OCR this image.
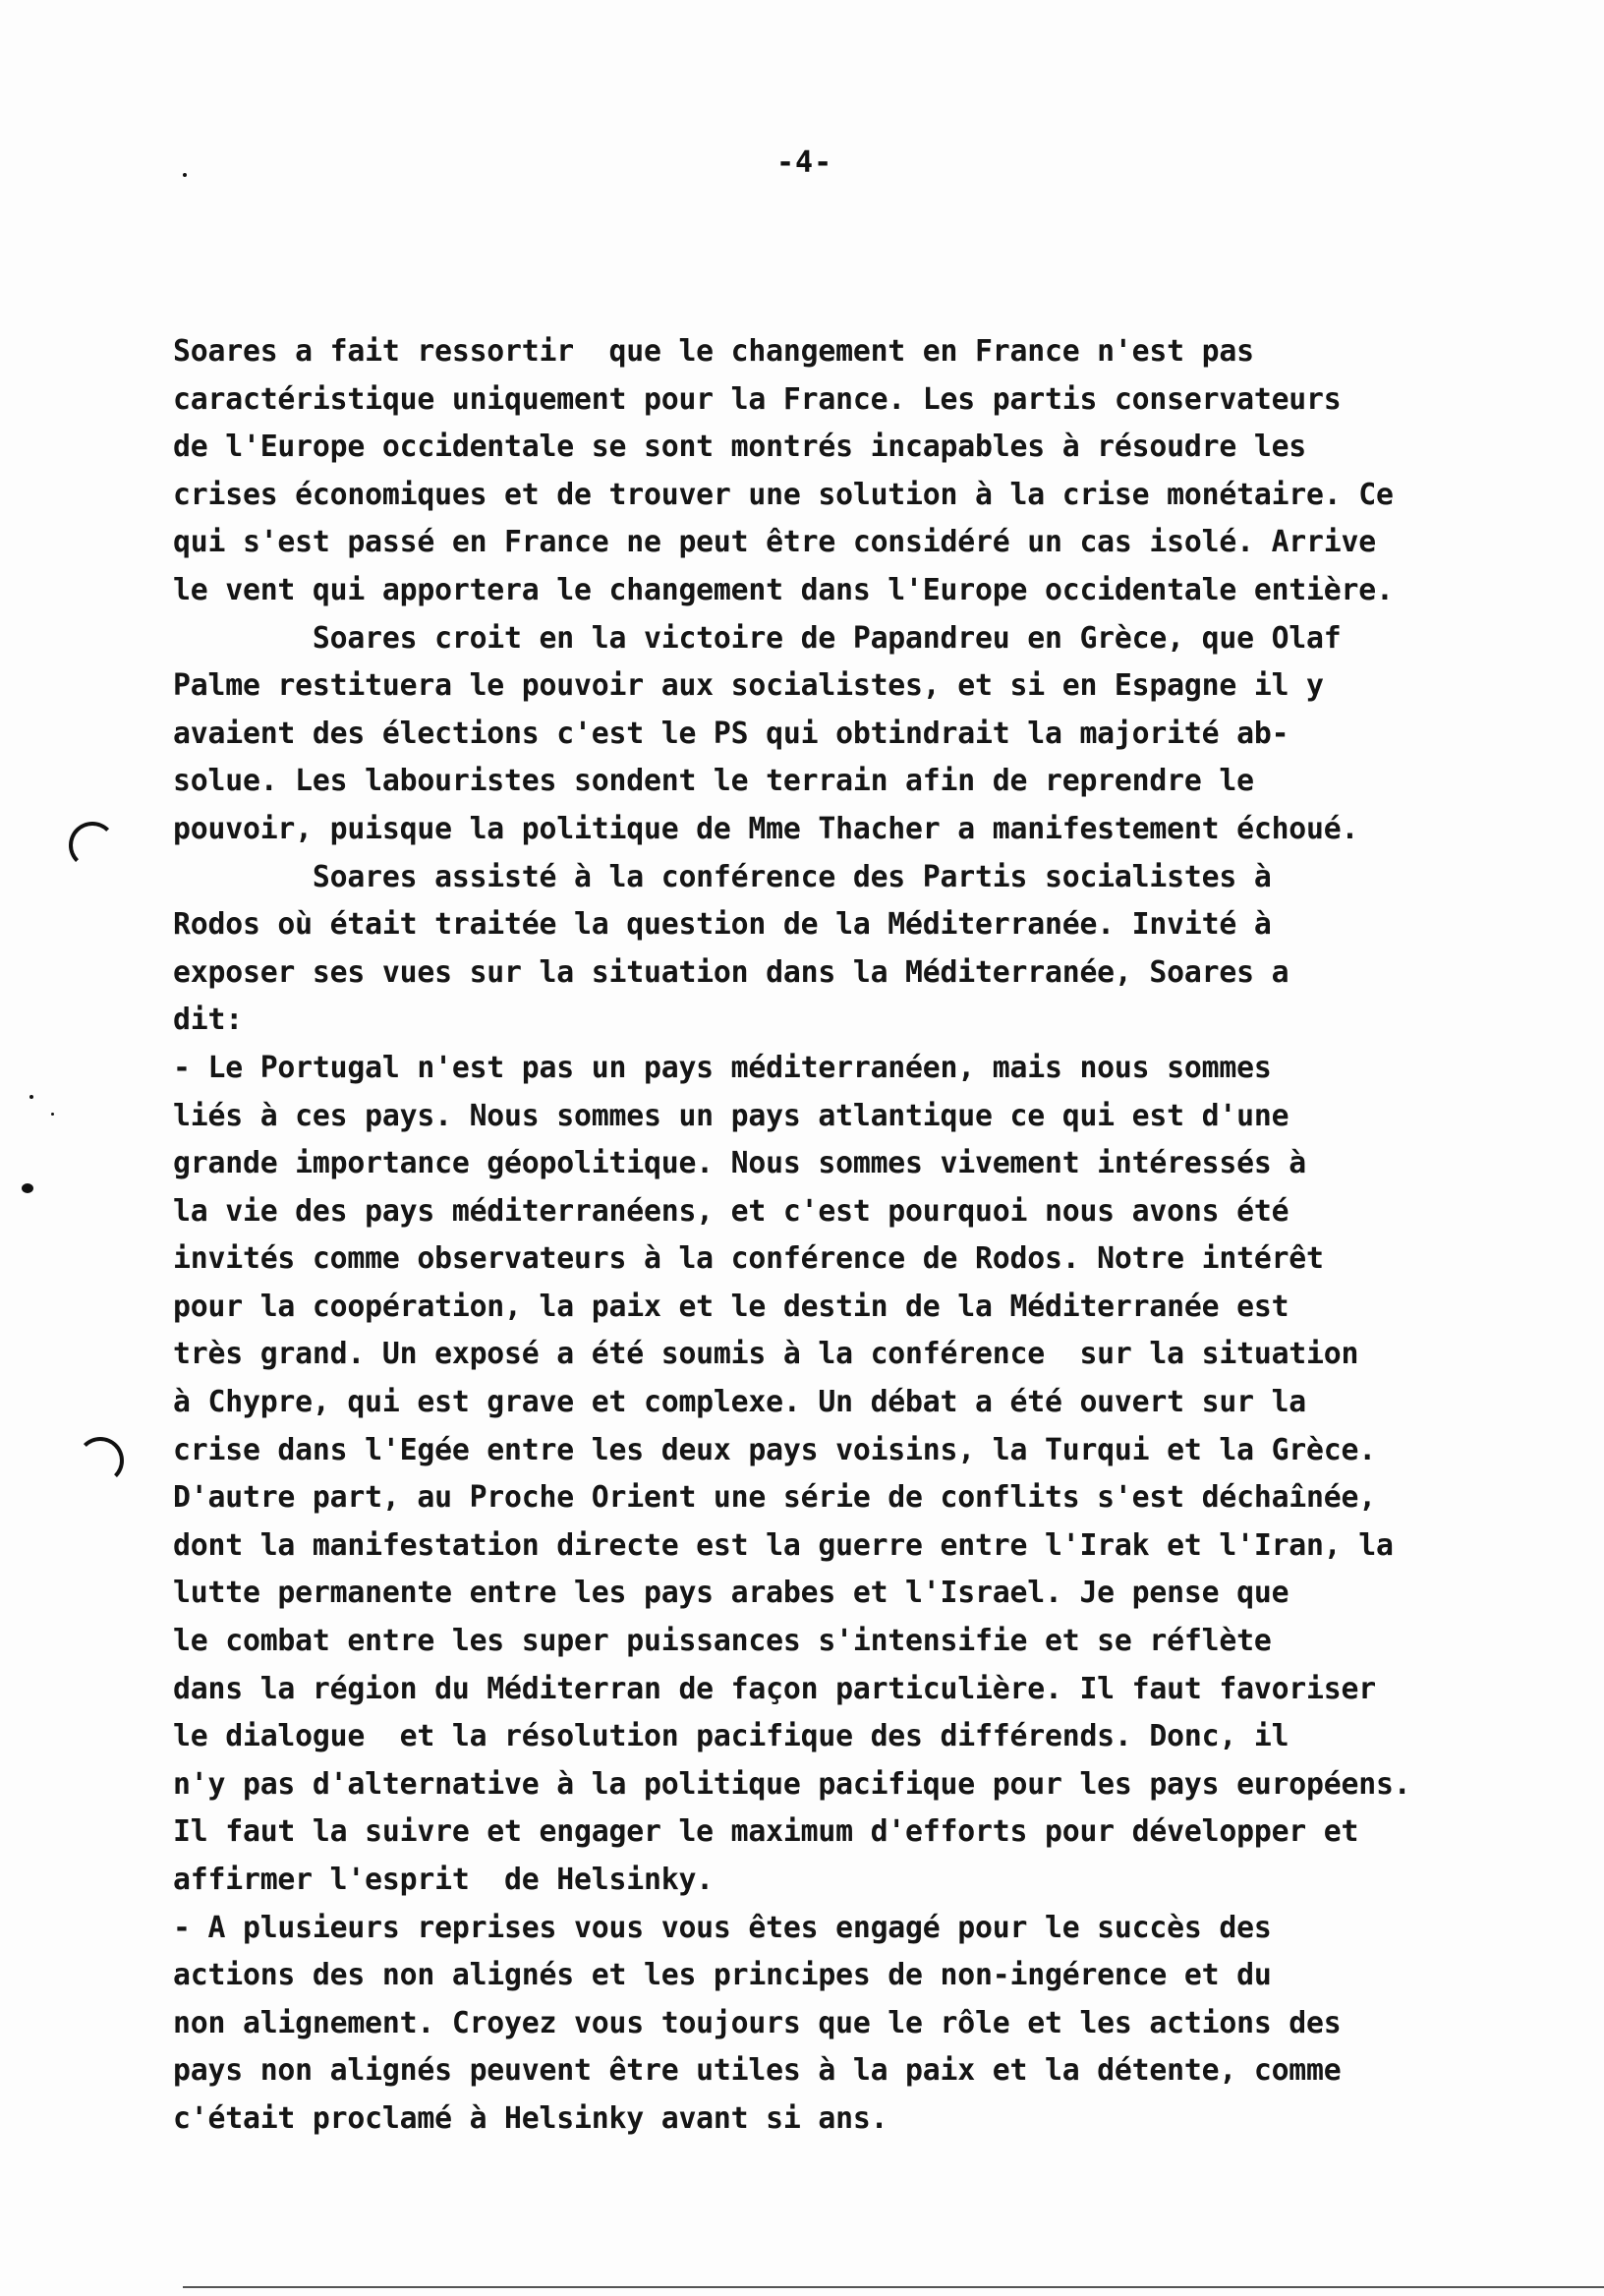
-4-
Soares a fait ressortir  que le changement en France n'est pas
caractéristique uniquement pour la France. Les partis conservateurs
de l'Europe occidentale se sont montrés incapables à résoudre les
crises économiques et de trouver une solution à la crise monétaire. Ce
qui s'est passé en France ne peut être considéré un cas isolé. Arrive
le vent qui apportera le changement dans l'Europe occidentale entière.
Soares croit en la victoire de Papandreu en Grèce, que Olaf
Palme restituera le pouvoir aux socialistes, et si en Espagne il y
avaient des élections c'est le PS qui obtindrait la majorité ab-
solue. Les labouristes sondent le terrain afin de reprendre le
pouvoir, puisque la politique de Mme Thacher a manifestement échoué.
Soares assisté à la conférence des Partis socialistes à
Rodos où était traitée la question de la Méditerranée. Invité à
exposer ses vues sur la situation dans la Méditerranée, Soares a
dit:
- Le Portugal n'est pas un pays méditerranéen, mais nous sommes
liés à ces pays. Nous sommes un pays atlantique ce qui est d'une
grande importance géopolitique. Nous sommes vivement intéressés à
la vie des pays méditerranéens, et c'est pourquoi nous avons été
invités comme observateurs à la conférence de Rodos. Notre intérêt
pour la coopération, la paix et le destin de la Méditerranée est
très grand. Un exposé a été soumis à la conférence  sur la situation
à Chypre, qui est grave et complexe. Un débat a été ouvert sur la
crise dans l'Egée entre les deux pays voisins, la Turqui et la Grèce.
D'autre part, au Proche Orient une série de conflits s'est déchaînée,
dont la manifestation directe est la guerre entre l'Irak et l'Iran, la
lutte permanente entre les pays arabes et l'Israel. Je pense que
le combat entre les super puissances s'intensifie et se réflète
dans la région du Méditerran de façon particulière. Il faut favoriser
le dialogue  et la résolution pacifique des différends. Donc, il
n'y pas d'alternative à la politique pacifique pour les pays européens.
Il faut la suivre et engager le maximum d'efforts pour développer et
affirmer l'esprit  de Helsinky.
- A plusieurs reprises vous vous êtes engagé pour le succès des
actions des non alignés et les principes de non-ingérence et du
non alignement. Croyez vous toujours que le rôle et les actions des
pays non alignés peuvent être utiles à la paix et la détente, comme
c'était proclamé à Helsinky avant si ans.
